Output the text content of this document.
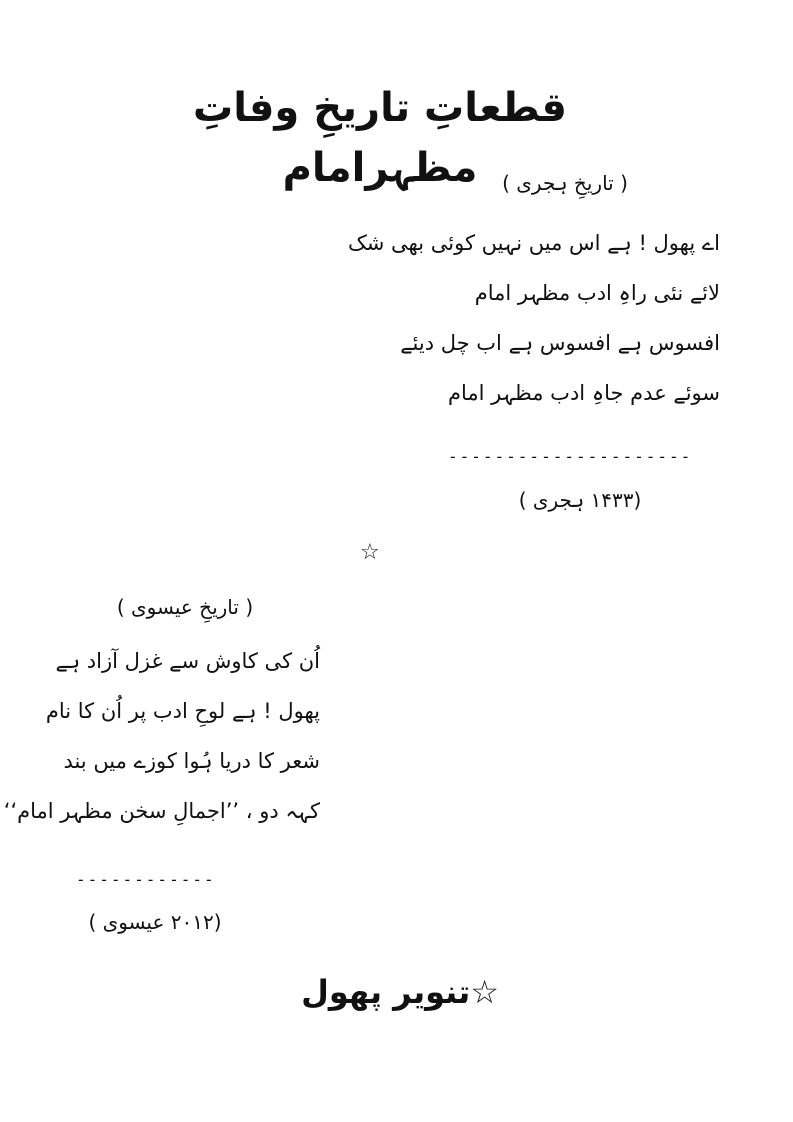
قطعاتِ تاریخِ وفاتِ مظہرامام	( تاریخِ ہجری )
اے پھول ! ہے اس میں نہیں کوئی بھی شک
لائے نئی راہِ ادب مظہر امام
افسوس ہے افسوس ہے اب چل دیئے
سوئے عدم جاہِ ادب مظہر امام
---------------------
(۱۴۳۳ ہجری )
☆
( تاریخِ عیسوی )
اُن کی کاوش سے غزل آزاد ہے
پھول ! ہے لوحِ ادب پر اُن کا نام
شعر کا دریا ہُوا کوزے میں بند
کہہ دو ، ’’اجمالِ سخن مظہر امام‘‘
------------
(۲۰۱۲ عیسوی )
☆تنویر پھول
